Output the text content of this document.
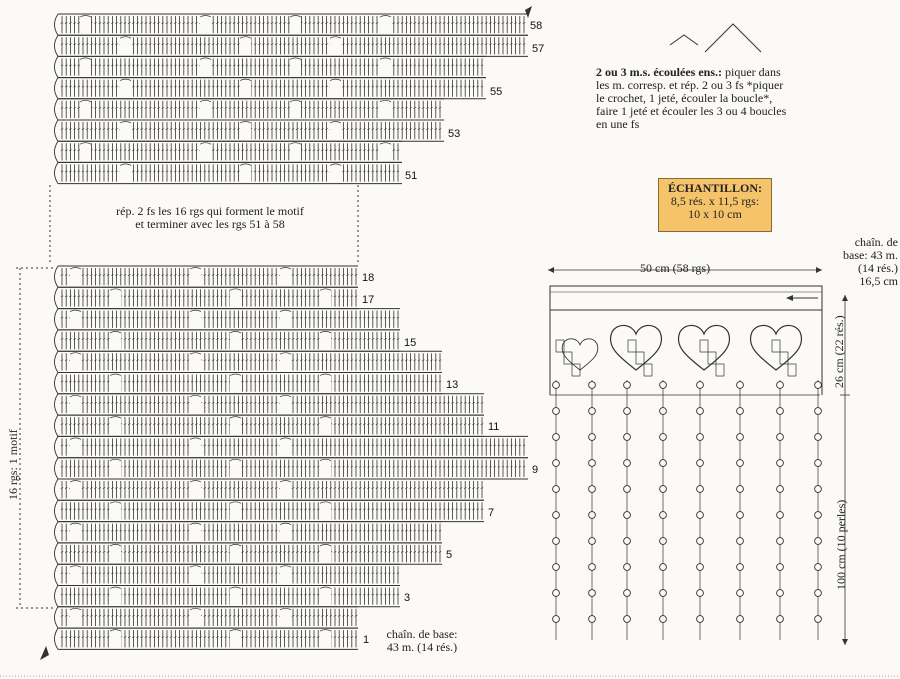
58
57
55
53
51
rép. 2 fs les 16 rgs qui forment le motif
et terminer avec les rgs 51 à 58
18
17
15
13
11
9
7
5
3
1
16 rgs: 1 motif
chaîn. de base:
43 m. (14 rés.)
2 ou 3 m.s. écoulées ens.: piquer dans
les m. corresp. et rép. 2 ou 3 fs *piquer
le crochet, 1 jeté, écouler la boucle*,
faire 1 jeté et écouler les 3 ou 4 boucles
en une fs
ÉCHANTILLON:
8,5 rés. x 11,5 rgs:
10 x 10 cm
50 cm (58 rgs)
chaîn. de
base: 43 m.
(14 rés.)
16,5 cm
26 cm (22 rés.)
100 cm (10 perles)
